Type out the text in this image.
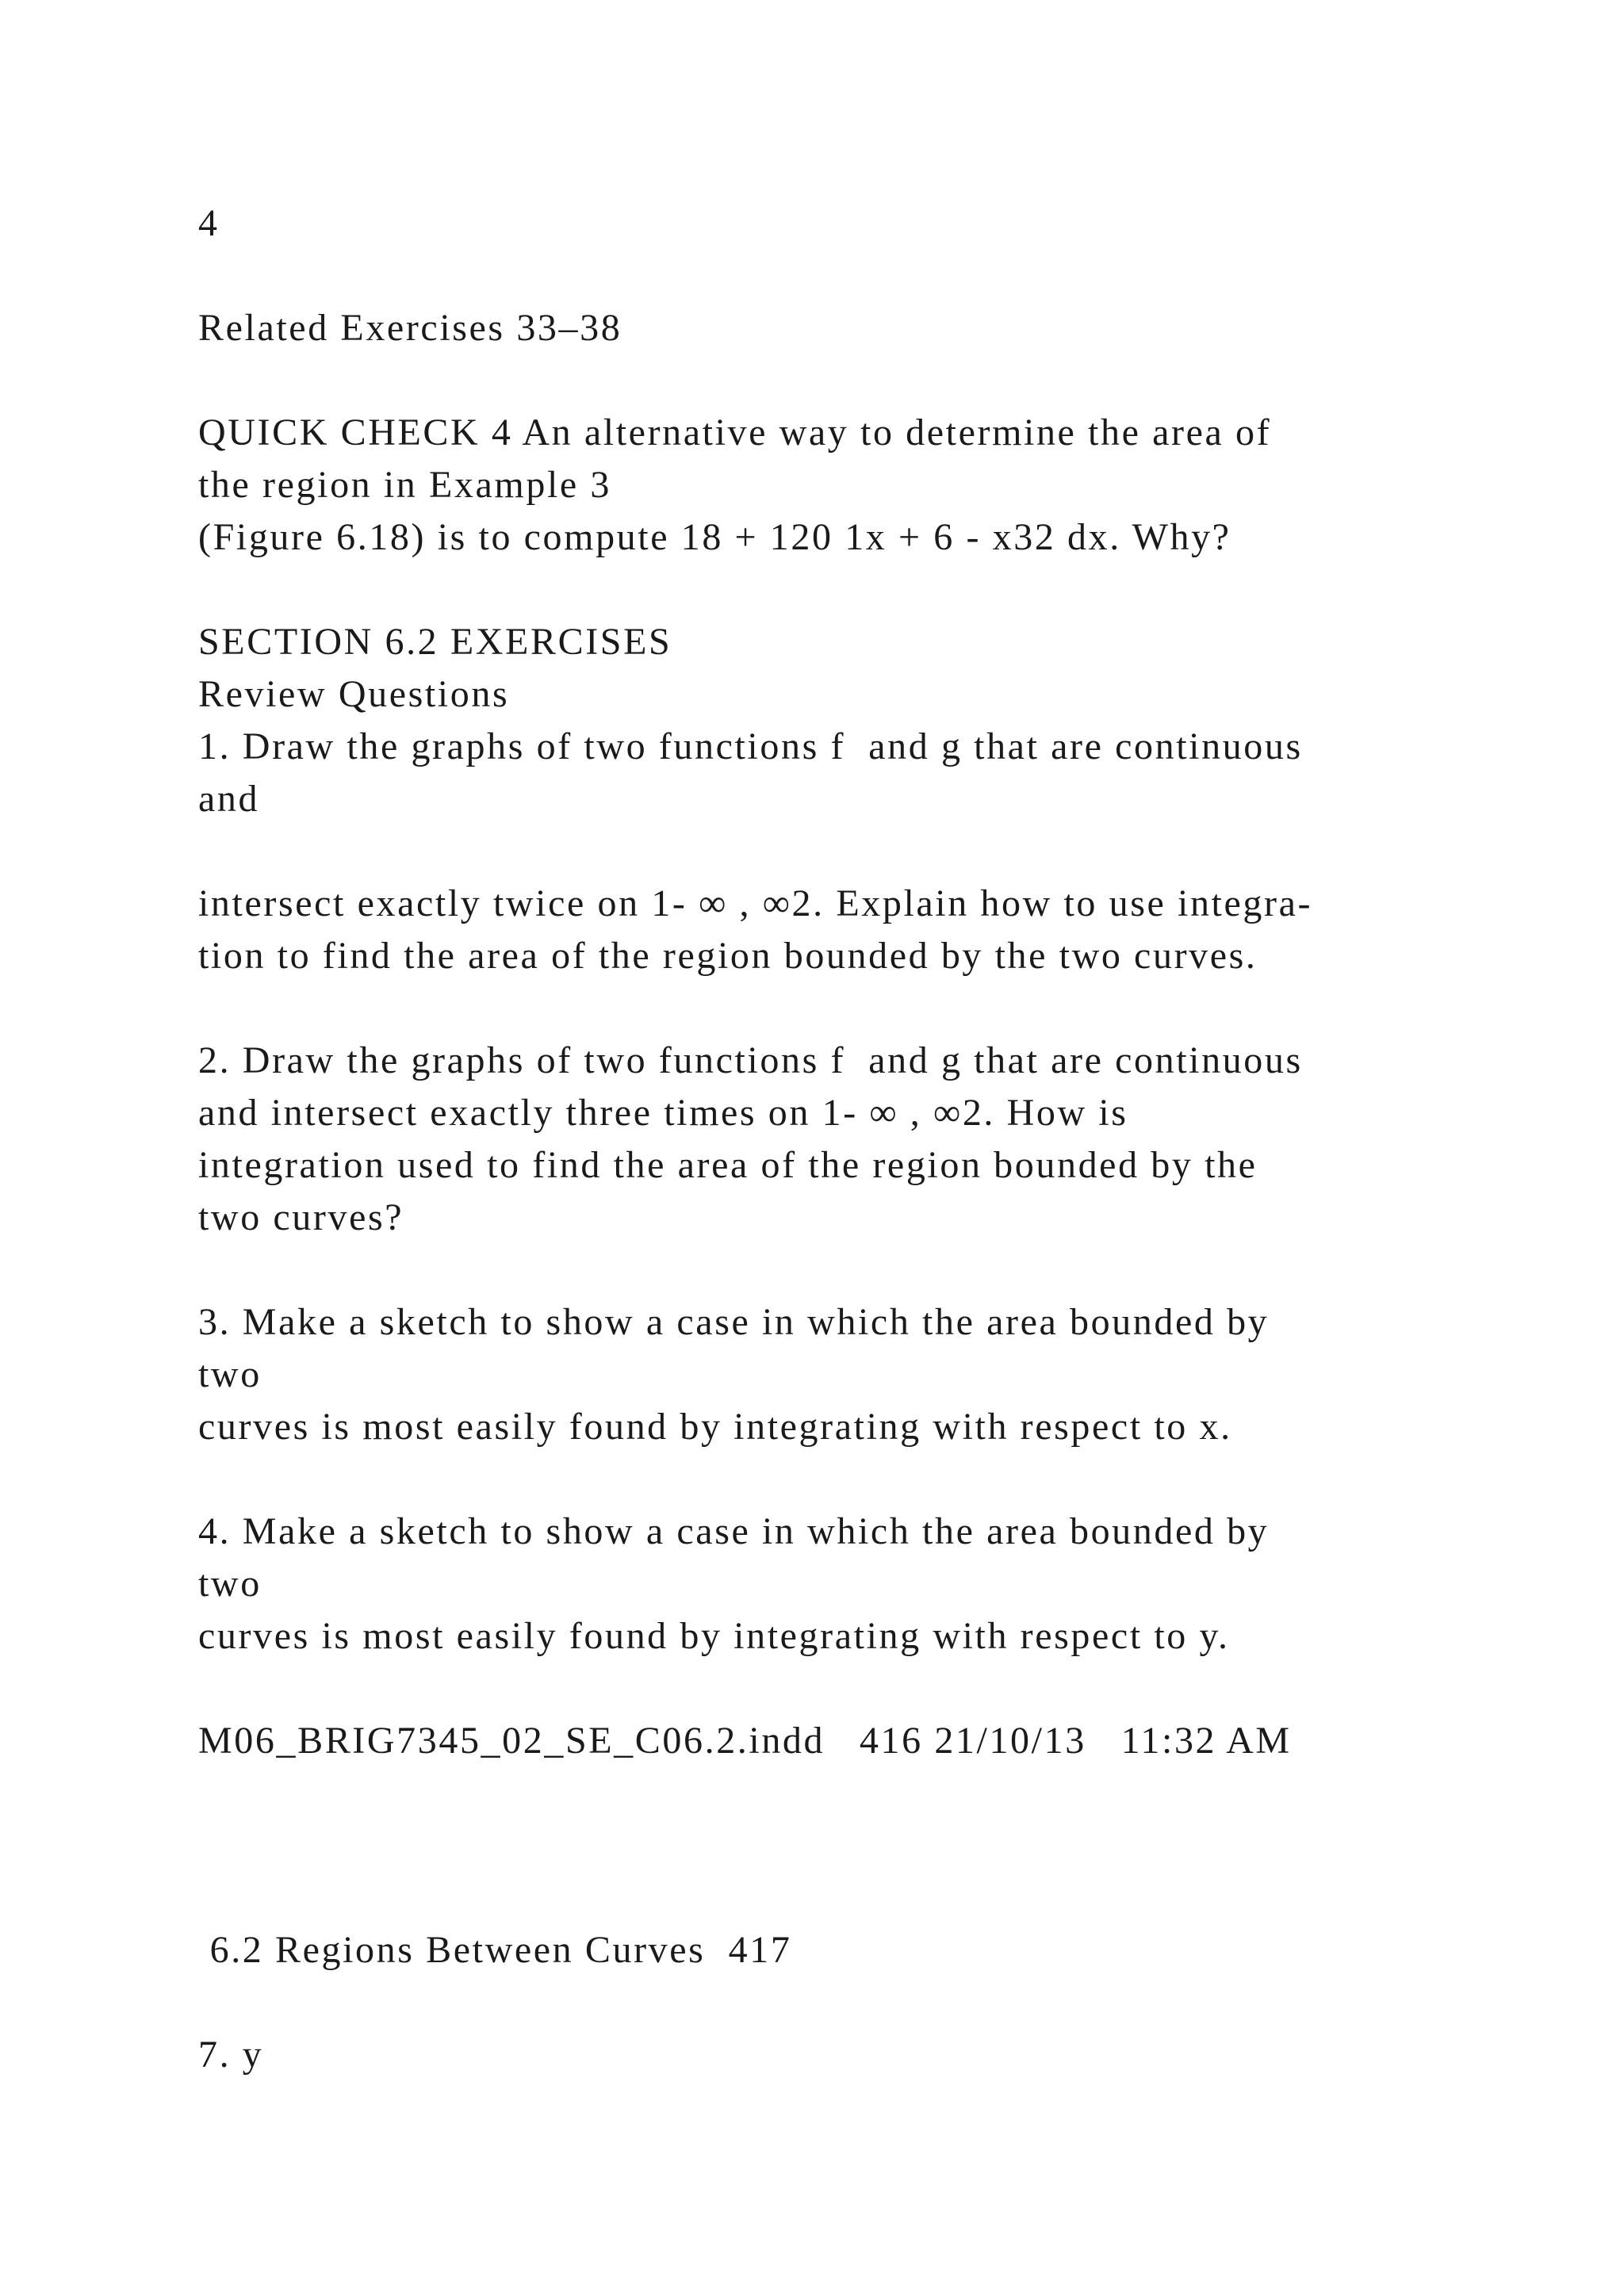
4

Related Exercises 33–38

QUICK CHECK 4 An alternative way to determine the area of

the region in Example 3

(Figure 6.18) is to compute 18 + 120 1x + 6 - x32 dx. Why?

SECTION 6.2 EXERCISES

Review Questions

1. Draw the graphs of two functions f  and g that are continuous

and

intersect exactly twice on 1- ∞ , ∞2. Explain how to use integra-

tion to find the area of the region bounded by the two curves.

2. Draw the graphs of two functions f  and g that are continuous

and intersect exactly three times on 1- ∞ , ∞2. How is

integration used to find the area of the region bounded by the

two curves?

3. Make a sketch to show a case in which the area bounded by

two

curves is most easily found by integrating with respect to x.

4. Make a sketch to show a case in which the area bounded by

two

curves is most easily found by integrating with respect to y.

M06_BRIG7345_02_SE_C06.2.indd   416 21/10/13   11:32 AM

6.2 Regions Between Curves  417

7. y
